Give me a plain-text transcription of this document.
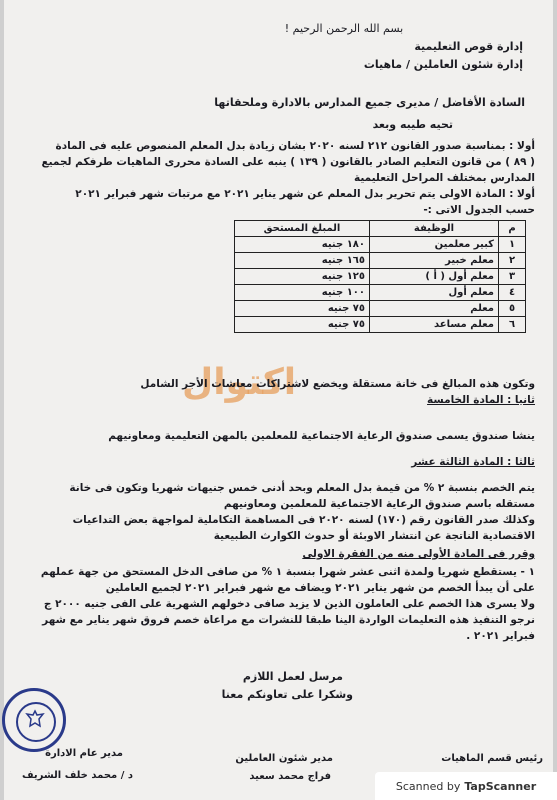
بسم الله الرحمن الرحيم !
إدارة قوص التعليمية
إدارة شئون العاملين / ماهيات
السادة الأفاضل / مديرى جميع المدارس بالادارة وملحقاتها
تحيه طيبه وبعد
أولا : بمناسبة صدور القانون ٢١٢ لسنه ٢٠٢٠ بشان زيادة بدل المعلم المنصوص عليه فى المادة
( ٨٩ ) من قانون التعليم الصادر بالقانون ( ١٣٩ ) ينبه على السادة محررى الماهيات طرفكم لجميع
المدارس بمختلف المراحل التعليمية
أولا : المادة الاولى يتم تحرير بدل المعلم عن شهر يناير ٢٠٢١ مع مرتبات شهر فبراير ٢٠٢١
حسب الجدول الاتى :-
م	الوظيفة	المبلغ المستحق
١	كبير معلمين	١٨٠ جنيه
٢	معلم خبير	١٦٥ جنيه
٣	معلم أول ( أ )	١٢٥ جنيه
٤	معلم أول	١٠٠ جنيه
٥	معلم	٧٥ جنيه
٦	معلم مساعد	٧٥ جنيه
اكتوال
وتكون هذه المبالغ فى خانة مستقلة ويخضع لاشتراكات معاشات الأجر الشامل
ثانيا : المادة الخامسة
ينشا صندوق يسمى صندوق الرعاية الاجتماعية للمعلمين بالمهن التعليمية ومعاونيهم
ثالثا : المادة الثالثة عشر
يتم الخصم بنسبة ٢ % من قيمة بدل المعلم وبحد أدنى خمس جنيهات شهريا وتكون فى خانة
مستقله باسم صندوق الرعاية الاجتماعية للمعلمين ومعاونيهم
وكذلك صدر القانون رقم (١٧٠) لسنه ٢٠٢٠ فى المساهمة التكاملية لمواجهة بعض التداعيات
الاقتصادية الناتجة عن انتشار الاوبئة أو حدوث الكوارث الطبيعية
وقرر فى المادة الأولى منه من الفقرة الاولى
١ - يستقطع شهريا ولمدة اثنى عشر شهرا بنسبة ١ % من صافى الدخل المستحق من جهة عملهم
على أن يبدأ الخصم من شهر يناير ٢٠٢١ ويضاف مع شهر فبراير ٢٠٢١ لجميع العاملين
ولا يسرى هذا الخصم على العاملون الذين لا يزيد صافى دخولهم الشهرية على الفى جنيه ٢٠٠٠ ج
نرجو التنفيذ هذه التعليمات الواردة الينا طبقا للنشرات مع مراعاة خصم فروق شهر يناير مع شهر
فبراير ٢٠٢١ .
مرسل لعمل اللازم
وشكرا على تعاونكم معنا
رئيس قسم الماهيات
مدير شئون العاملين
فراج محمد سعيد
مدير عام الادارة
د / محمد خلف الشريف
Scanned by TapScanner
